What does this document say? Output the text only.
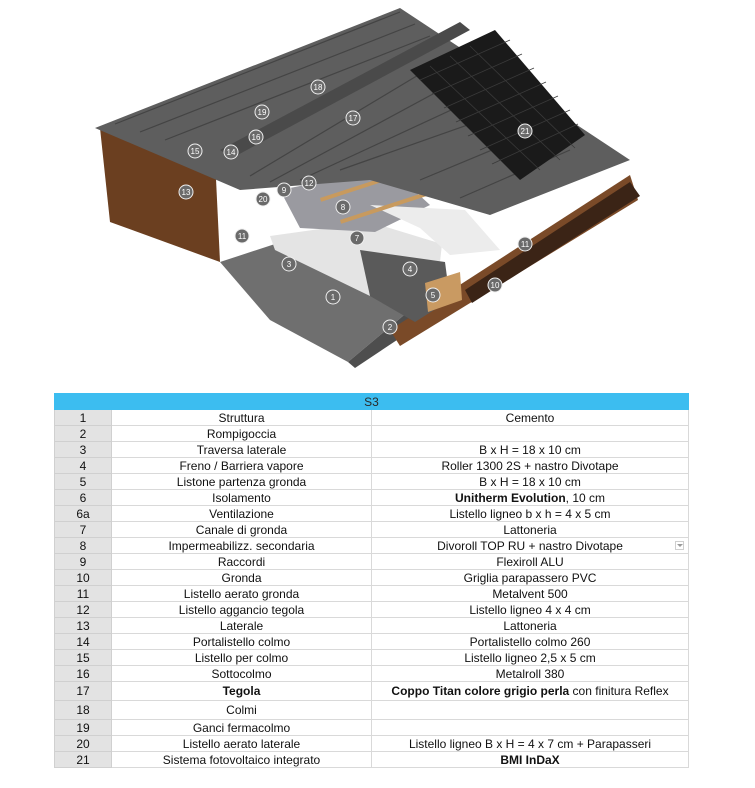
1
2
3
4
5
7
8
9
10
11
11
12
13
14
15
16
17
18
19
20
21
S3		
1	Struttura	Cemento
2	Rompigoccia	
3	Traversa laterale	B x H = 18 x 10 cm
4	Freno / Barriera vapore	Roller 1300 2S + nastro Divotape
5	Listone partenza gronda	B x H = 18 x 10 cm
6	Isolamento	Unitherm Evolution, 10 cm
6a	Ventilazione	Listello ligneo b x h = 4 x 5 cm
7	Canale di gronda	Lattoneria
8	Impermeabilizz. secondaria	Divoroll TOP RU + nastro Divotape

9	Raccordi	Flexiroll ALU
10	Gronda	Griglia parapassero PVC
11	Listello aerato gronda	Metalvent 500
12	Listello aggancio tegola	Listello ligneo 4 x 4 cm
13	Laterale	Lattoneria
14	Portalistello colmo	Portalistello colmo 260
15	Listello per colmo	Listello ligneo 2,5 x 5 cm
16	Sottocolmo	Metalroll 380
17	Tegola	Coppo Titan colore grigio perla con finitura Reflex
18	Colmi	
19	Ganci fermacolmo	
20	Listello aerato laterale	Listello ligneo B x H = 4 x 7 cm + Parapasseri
21	Sistema fotovoltaico integrato	BMI InDaX
